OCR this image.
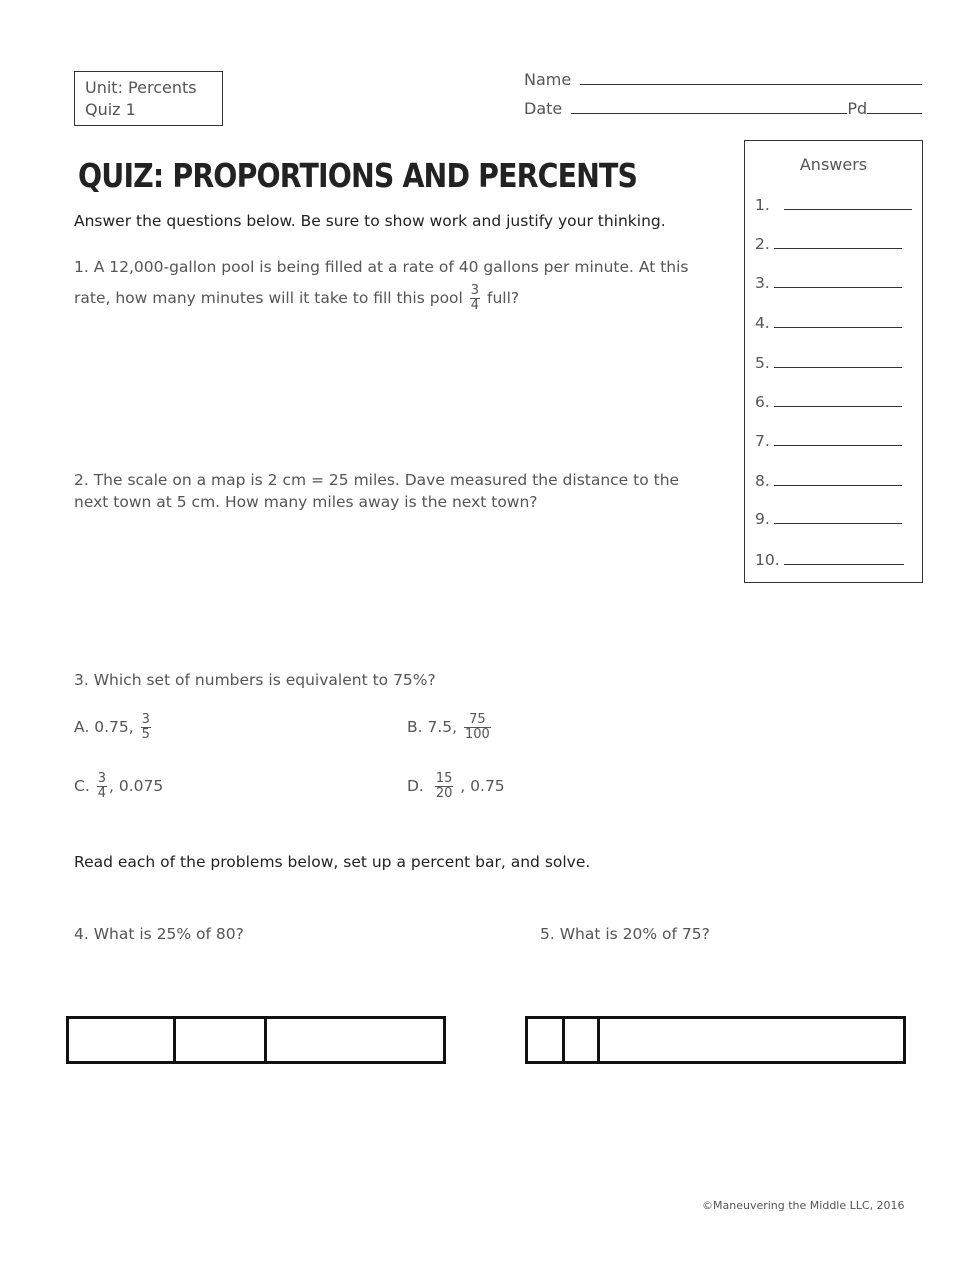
Unit: Percents
Quiz 1
Name
Date	Pd
QUIZ: PROPORTIONS AND PERCENTS
Answer the questions below. Be sure to show work and justify your thinking.
Answers
1.
2.
3.
4.
5.
6.
7.
8.
9.
10.
1. A 12,000-gallon pool is being filled at a rate of 40 gallons per minute. At this
rate, how many minutes will it take to fill this pool $\frac{3}{4}$ full?
2. The scale on a map is 2 cm = 25 miles. Dave measured the distance to the
next town at 5 cm. How many miles away is the next town?
3. Which set of numbers is equivalent to 75%?
A. 0.75, $\frac{3}{5}$	B. 7.5, $\frac{75}{100}$
C. $\frac{3}{4}$ , 0.075	D. $\frac{15}{20}$ , 0.75
Read each of the problems below, set up a percent bar, and solve.
4. What is 25% of 80?	5. What is 20% of 75?
©Maneuvering the Middle LLC, 2016
